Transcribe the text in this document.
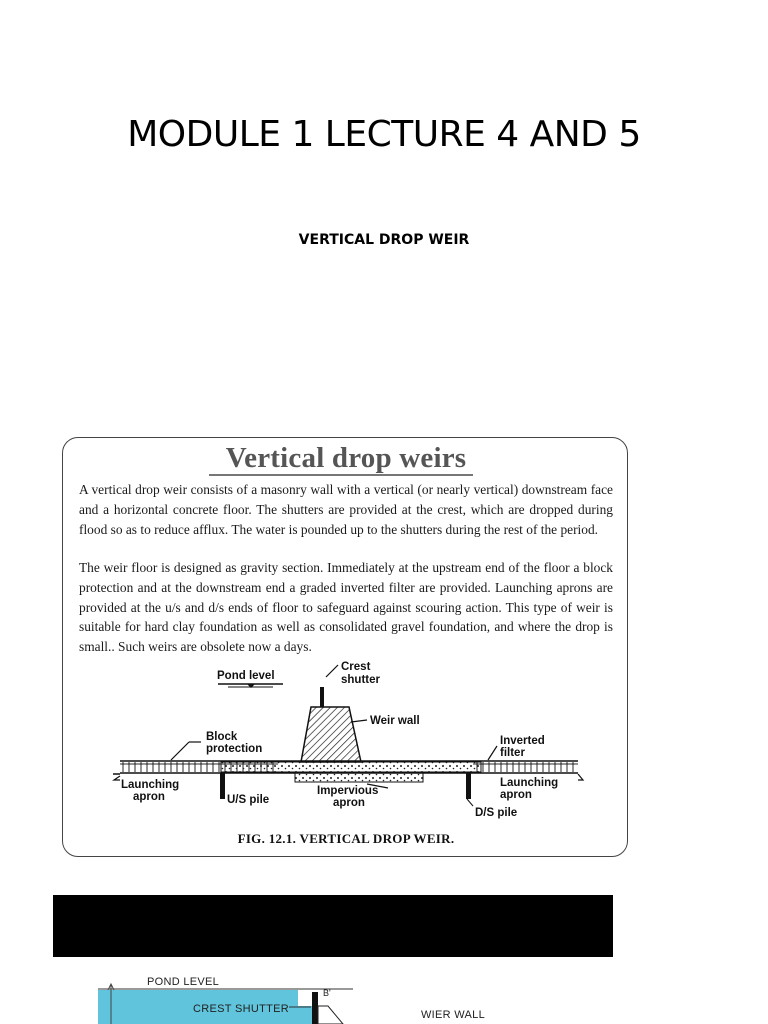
MODULE 1 LECTURE 4 AND 5
VERTICAL DROP WEIR
Vertical drop weirs

A vertical drop weir consists of a masonry wall with a vertical (or nearly vertical) downstream face and a horizontal concrete floor. The shutters are provided at the crest, which are dropped during flood so as to reduce afflux. The water is pounded up to the shutters during the rest of the period.

The weir floor is designed as gravity section. Immediately at the upstream end of the floor a block protection and at the downstream end a graded inverted filter are provided. Launching aprons are provided at the u/s and d/s ends of floor to safeguard against scouring action. This type of weir is suitable for hard clay foundation as well as consolidated gravel foundation, and where the drop is small.. Such weirs are obsolete now a days.

Pond level
Crest
shutter
Weir wall
Block
protection
Inverted
filter
Launching
apron
Launching
apron
U/S pile
Impervious
apron
D/S pile
FIG. 12.1. VERTICAL DROP WEIR.
POND LEVEL
CREST SHUTTER
B'
WIER WALL
